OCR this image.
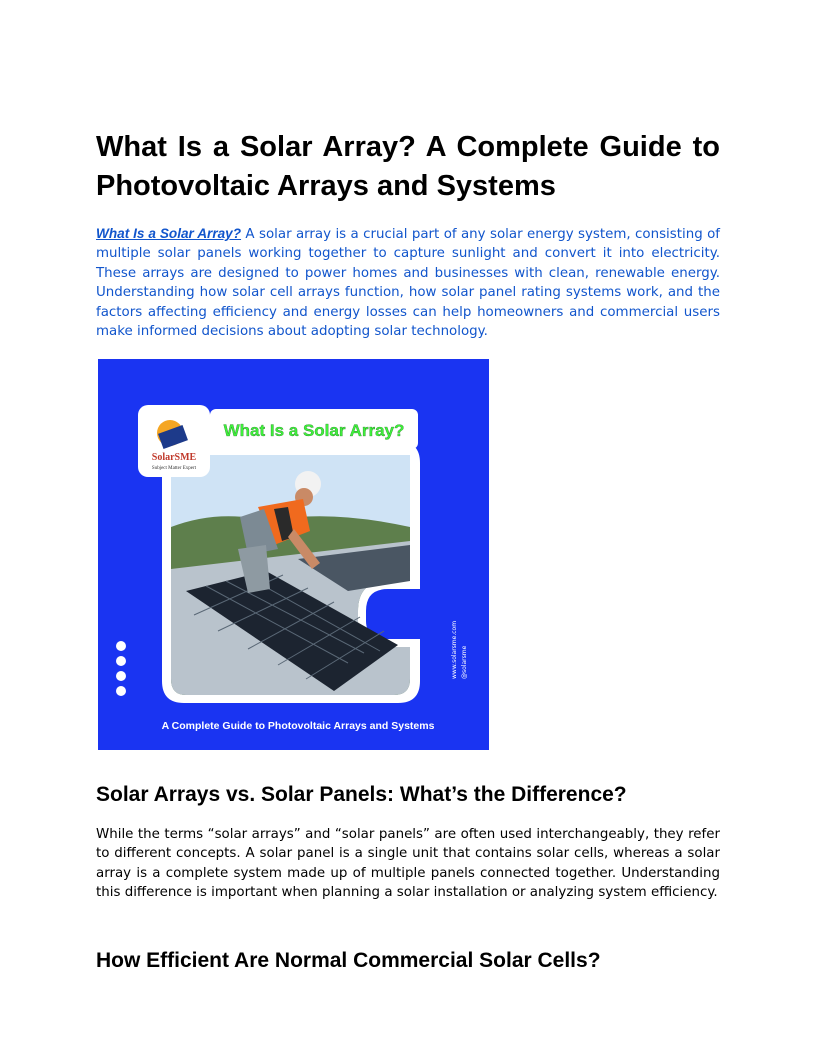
What Is a Solar Array? A Complete Guide to Photovoltaic Arrays and Systems

What Is a Solar Array? A solar array is a crucial part of any solar energy system, consisting of multiple solar panels working together to capture sunlight and convert it into electricity. These arrays are designed to power homes and businesses with clean, renewable energy. Understanding how solar cell arrays function, how solar panel rating systems work, and the factors affecting efficiency and energy losses can help homeowners and commercial users make informed decisions about adopting solar technology.

SolarSME
Subject Matter Expert
What Is a Solar Array?
www.solarsme.com @solarsme
A Complete Guide to Photovoltaic Arrays and Systems
Solar Arrays vs. Solar Panels: What’s the Difference?

While the terms “solar arrays” and “solar panels” are often used interchangeably, they refer to different concepts. A solar panel is a single unit that contains solar cells, whereas a solar array is a complete system made up of multiple panels connected together. Understanding this difference is important when planning a solar installation or analyzing system efficiency.

How Efficient Are Normal Commercial Solar Cells?
